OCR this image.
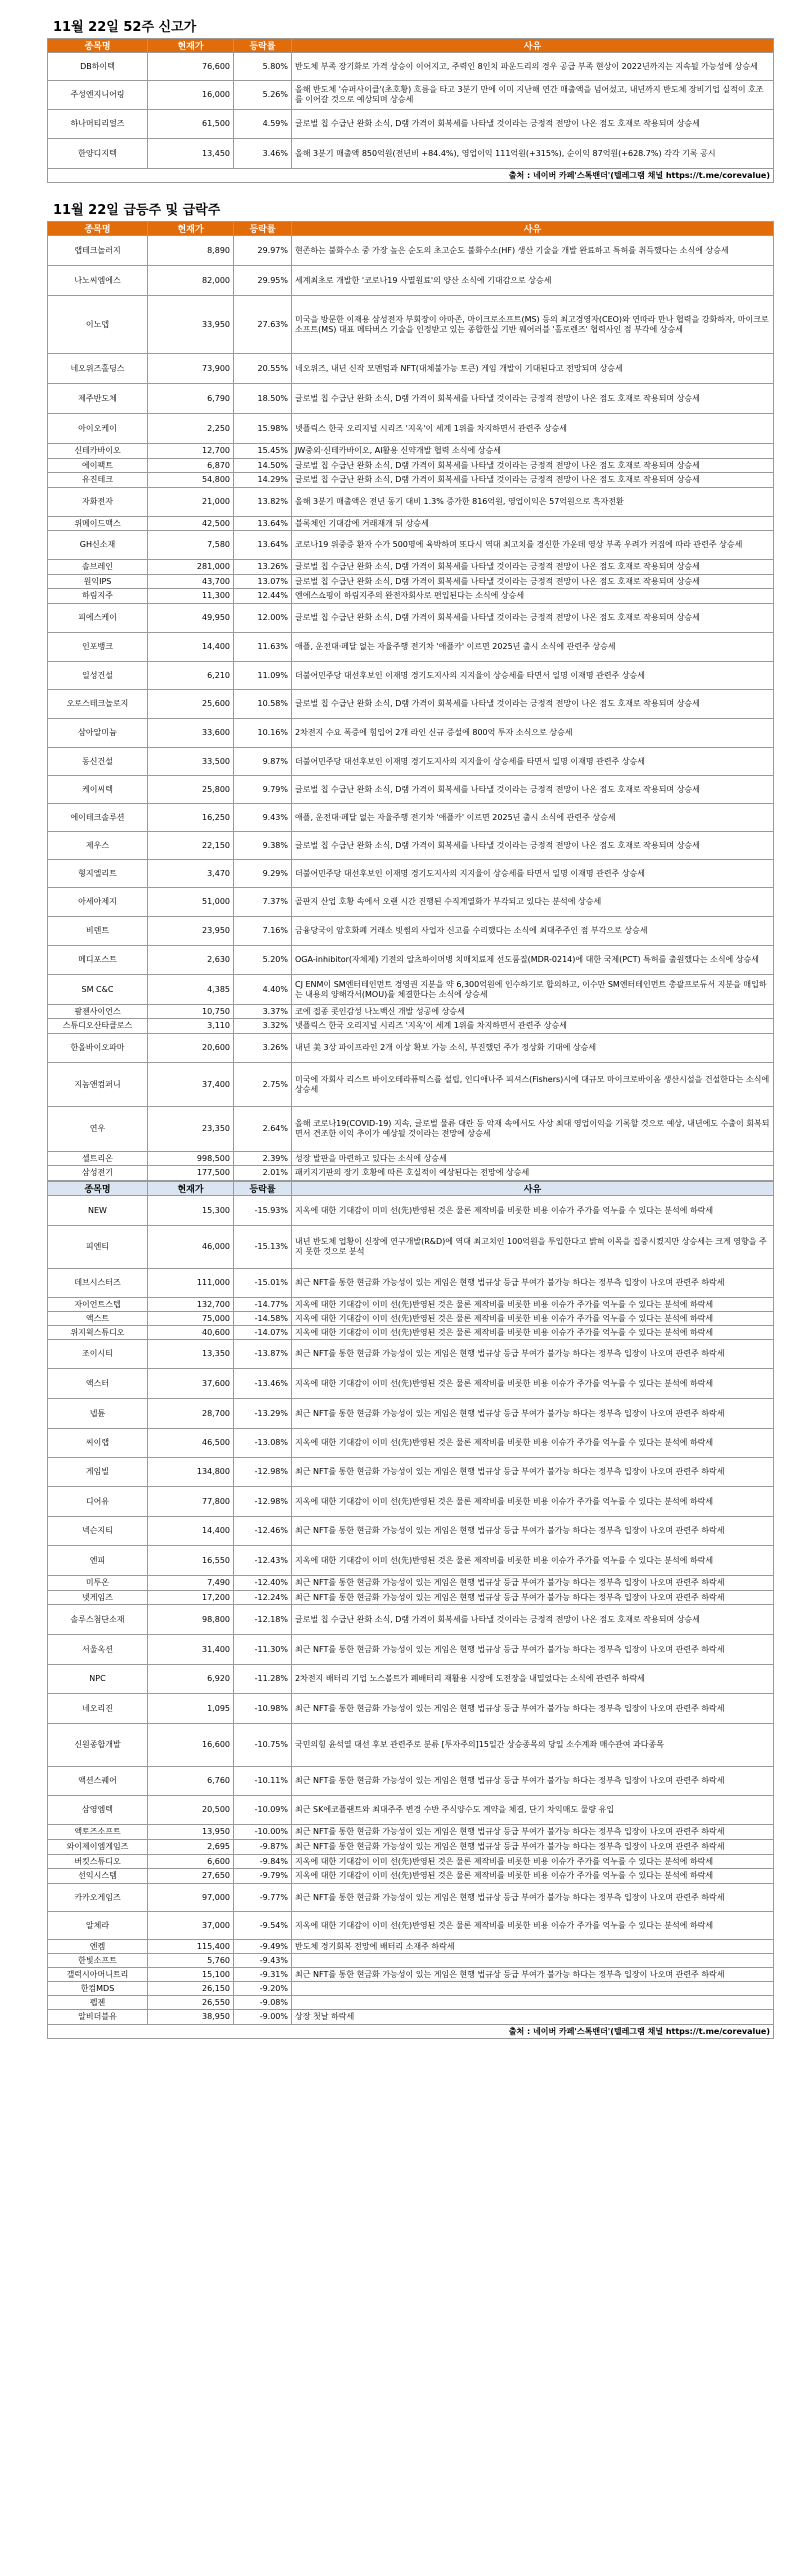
11월 22일 52주 신고가
종목명	현재가	등락률	사유
DB하이텍	76,600	5.80%	반도체 부족 장기화로 가격 상승이 이어지고, 주력인 8인치 파운드리의 경우 공급 부족 현상이 2022년까지는 지속될 가능성에 상승세
주성엔지니어링	16,000	5.26%	올해 반도체 '슈퍼사이클'(초호황) 흐름을 타고 3분기 만에 이미 지난해 연간 매출액을 넘어섰고, 내년까지 반도체 장비기업 실적이 호조를 이어갈 것으로 예상되며 상승세
하나머티리얼즈	61,500	4.59%	글로벌 칩 수급난 완화 소식, D램 가격이 회복세를 나타낼 것이라는 긍정적 전망이 나온 점도 호재로 작용되며 상승세
한양디지텍	13,450	3.46%	올해 3분기 매출액 850억원(전년비 +84.4%), 영업이익 111억원(+315%), 순이익 87억원(+628.7%) 각각 기록 공시
출처 : 네이버 카페'스톡밴더'(텔레그램 채널 https://t.me/corevalue)			
11월 22일 급등주 및 급락주
종목명	현재가	등락률	사유
랩테크놀러지	8,890	29.97%	현존하는 불화수소 중 가장 높은 순도의 초고순도 불화수소(HF) 생산 기술을 개발 완료하고 특허를 취득했다는 소식에 상승세
나노씨엠에스	82,000	29.95%	세계최초로 개발한 '코로나19 사멸원료'의 양산 소식에 기대감으로 상승세
이노뎁	33,950	27.63%	미국을 방문한 이재용 삼성전자 부회장이 아마존, 마이크로소프트(MS) 등의 최고경영자(CEO)와 연따라 만나 협력을 강화하자, 마이크로소프트(MS) 대표 메타버스 기술을 인정받고 있는 종합한실 기반 웨어러블 '홀로렌즈' 협력사인 점 부각에 상승세
네오위즈홀딩스	73,900	20.55%	네오위즈, 내년 신작 모멘텀과 NFT(대체불가능 토큰) 게임 개발이 기대된다고 전망되며 상승세
제주반도체	6,790	18.50%	글로벌 칩 수급난 완화 소식, D램 가격이 회복세를 나타낼 것이라는 긍정적 전망이 나온 점도 호재로 작용되며 상승세
아이오케이	2,250	15.98%	넷플릭스 한국 오리지널 시리즈 '지옥'이 세계 1위를 차지하면서 관련주 상승세
신테카바이오	12,700	15.45%	JW중외·신테카바이오, AI활용 신약개발 협력 소식에 상승세
에이팩트	6,870	14.50%	글로벌 칩 수급난 완화 소식, D램 가격이 회복세를 나타낼 것이라는 긍정적 전망이 나온 점도 호재로 작용되며 상승세
유진테크	54,800	14.29%	글로벌 칩 수급난 완화 소식, D램 가격이 회복세를 나타낼 것이라는 긍정적 전망이 나온 점도 호재로 작용되며 상승세
자화전자	21,000	13.82%	올해 3분기 매출액은 전년 동기 대비 1.3% 증가한 816억원, 영업이익은 57억원으로 흑자전환
위메이드맥스	42,500	13.64%	블록체인 기대감에 거래재개 뒤 상승세
GH신소재	7,580	13.64%	코로나19 위중증 환자 수가 500명에 육박하며 또다시 역대 최고치를 경신한 가운데 영상 부족 우려가 커짐에 따라 관련주 상승세
솔브레인	281,000	13.26%	글로벌 칩 수급난 완화 소식, D램 가격이 회복세를 나타낼 것이라는 긍정적 전망이 나온 점도 호재로 작용되며 상승세
원익IPS	43,700	13.07%	글로벌 칩 수급난 완화 소식, D램 가격이 회복세를 나타낼 것이라는 긍정적 전망이 나온 점도 호재로 작용되며 상승세
하림지주	11,300	12.44%	엔에스쇼핑이 하림지주의 완전자회사로 편입된다는 소식에 상승세
피에스케이	49,950	12.00%	글로벌 칩 수급난 완화 소식, D램 가격이 회복세를 나타낼 것이라는 긍정적 전망이 나온 점도 호재로 작용되며 상승세
인포뱅크	14,400	11.63%	애플, 운전대·페달 없는 자율주행 전기차 '애플카' 이르면 2025년 출시 소식에 관련주 상승세
일성건설	6,210	11.09%	더불어민주당 대선후보인 이재명 경기도지사의 지지율이 상승세를 타면서 일명 이재명 관련주 상승세
오로스테크놀로지	25,600	10.58%	글로벌 칩 수급난 완화 소식, D램 가격이 회복세를 나타낼 것이라는 긍정적 전망이 나온 점도 호재로 작용되며 상승세
삼아알미늄	33,600	10.16%	2차전지 수요 폭증에 힘입어 2개 라인 신규 증설에 800억 투자 소식으로 상승세
동신건설	33,500	9.87%	더불어민주당 대선후보인 이재명 경기도지사의 지지율이 상승세를 타면서 일명 이재명 관련주 상승세
케이씨텍	25,800	9.79%	글로벌 칩 수급난 완화 소식, D램 가격이 회복세를 나타낼 것이라는 긍정적 전망이 나온 점도 호재로 작용되며 상승세
에이테크솔루션	16,250	9.43%	애플, 운전대·페달 없는 자율주행 전기차 '애플카' 이르면 2025년 출시 소식에 관련주 상승세
제우스	22,150	9.38%	글로벌 칩 수급난 완화 소식, D램 가격이 회복세를 나타낼 것이라는 긍정적 전망이 나온 점도 호재로 작용되며 상승세
형지엘리트	3,470	9.29%	더불어민주당 대선후보인 이재명 경기도지사의 지지율이 상승세를 타면서 일명 이재명 관련주 상승세
아세아제지	51,000	7.37%	골판지 산업 호황 속에서 오랜 시간 진행된 수직계열화가 부각되고 있다는 분석에 상승세
비덴트	23,950	7.16%	금융당국이 암호화폐 거래소 빗썸의 사업자 신고를 수리했다는 소식에 최대주주인 점 부각으로 상승세
메디포스트	2,630	5.20%	OGA-inhibitor(자체제) 기전의 알츠하이머병 치매치료제 선도품질(MDR-0214)에 대한 국제(PCT) 특허를 출원했다는 소식에 상승세
SM C&C	4,385	4.40%	CJ ENM이 SM엔터테인먼트 경영권 지분을 약 6,300억원에 인수하기로 합의하고, 이수만 SM엔터테인먼트 총괄프로듀서 지분을 매입하는 내용의 양해각서(MOU)를 체결한다는 소식에 상승세
팜젠사이언스	10,750	3.37%	코에 접종 콧인감성 나노백신 개발 성공에 상승세
스튜디오산타클로스	3,110	3.32%	넷플릭스 한국 오리지널 시리즈 '지옥'이 세계 1위를 차지하면서 관련주 상승세
한올바이오파마	20,600	3.26%	내년 美 3상 파이프라인 2개 이상 확보 가능 소식, 부진했던 주가 정상화 기대에 상승세
지놈앤컴퍼니	37,400	2.75%	미국에 자회사 리스트 바이오테라퓨틱스를 설립, 인디애나주 피셔스(Fishers)시에 대규모 마이크로바이옴 생산시설을 건설한다는 소식에 상승세
연우	23,350	2.64%	올해 코로나19(COVID-19) 지속, 글로벌 물류 대란 등 악재 속에서도 사상 최대 영업이익을 기록할 것으로 예상, 내년에도 수출이 회복되면서 견조한 이익 추이가 예상될 것이라는 전망에 상승세
셀트리온	998,500	2.39%	성장 발판을 마련하고 있다는 소식에 상승세
삼성전기	177,500	2.01%	패키지기판의 장기 호황에 따른 호실적이 예상된다는 전망에 상승세
종목명	현재가	등락률	사유
NEW	15,300	-15.93%	지옥에 대한 기대감이 미미 선(先)반영된 것은 물론 제작비를 비롯한 비용 이슈가 주가를 억누를 수 있다는 분석에 하락세
피엔티	46,000	-15.13%	내년 반도체 업황이 신장에 연구개발(R&D)에 역대 최고치인 100억원을 투입한다고 밝혀 이목을 집중시켰지만 상승세는 크게 영향을 주지 못한 것으로 분석
데브시스터즈	111,000	-15.01%	최근 NFT를 통한 현금화 가능성이 있는 게임은 현행 법규상 등급 부여가 불가능 하다는 정부측 입장이 나오며 관련주 하락세
자이언트스텝	132,700	-14.77%	지옥에 대한 기대감이 이미 선(先)반영된 것은 물론 제작비를 비롯한 비용 이슈가 주가를 억누를 수 있다는 분석에 하락세
액스트	75,000	-14.58%	지옥에 대한 기대감이 이미 선(先)반영된 것은 물론 제작비를 비롯한 비용 이슈가 주가를 억누를 수 있다는 분석에 하락세
위지윅스튜디오	40,600	-14.07%	지옥에 대한 기대감이 이미 선(先)반영된 것은 물론 제작비를 비롯한 비용 이슈가 주가를 억누를 수 있다는 분석에 하락세
조이시티	13,350	-13.87%	최근 NFT를 통한 현금화 가능성이 있는 게임은 현행 법규상 등급 부여가 불가능 하다는 정부측 입장이 나오며 관련주 하락세
액스터	37,600	-13.46%	지옥에 대한 기대감이 이미 선(先)반영된 것은 물론 제작비를 비롯한 비용 이슈가 주가를 억누를 수 있다는 분석에 하락세
넵튠	28,700	-13.29%	최근 NFT를 통한 현금화 가능성이 있는 게임은 현행 법규상 등급 부여가 불가능 하다는 정부측 입장이 나오며 관련주 하락세
씨이랩	46,500	-13.08%	지옥에 대한 기대감이 이미 선(先)반영된 것은 물론 제작비를 비롯한 비용 이슈가 주가를 억누를 수 있다는 분석에 하락세
게임빌	134,800	-12.98%	최근 NFT를 통한 현금화 가능성이 있는 게임은 현행 법규상 등급 부여가 불가능 하다는 정부측 입장이 나오며 관련주 하락세
디어유	77,800	-12.98%	지옥에 대한 기대감이 이미 선(先)반영된 것은 물론 제작비를 비롯한 비용 이슈가 주가를 억누를 수 있다는 분석에 하락세
넥슨지티	14,400	-12.46%	최근 NFT를 통한 현금화 가능성이 있는 게임은 현행 법규상 등급 부여가 불가능 하다는 정부측 입장이 나오며 관련주 하락세
엔피	16,550	-12.43%	지옥에 대한 기대감이 이미 선(先)반영된 것은 물론 제작비를 비롯한 비용 이슈가 주가를 억누를 수 있다는 분석에 하락세
미투온	7,490	-12.40%	최근 NFT를 통한 현금화 가능성이 있는 게임은 현행 법규상 등급 부여가 불가능 하다는 정부측 입장이 나오며 관련주 하락세
넷게임즈	17,200	-12.24%	최근 NFT를 통한 현금화 가능성이 있는 게임은 현행 법규상 등급 부여가 불가능 하다는 정부측 입장이 나오며 관련주 하락세
솔루스첨단소재	98,800	-12.18%	글로벌 칩 수급난 완화 소식, D램 가격이 회복세를 나타낼 것이라는 긍정적 전망이 나온 점도 호재로 작용되며 상승세
서울옥션	31,400	-11.30%	최근 NFT를 통한 현금화 가능성이 있는 게임은 현행 법규상 등급 부여가 불가능 하다는 정부측 입장이 나오며 관련주 하락세
NPC	6,920	-11.28%	2차전지 배터리 기업 노스볼트가 폐배터리 재활용 시장에 도전장을 내밀었다는 소식에 관련주 하락세
네오리진	1,095	-10.98%	최근 NFT를 통한 현금화 가능성이 있는 게임은 현행 법규상 등급 부여가 불가능 하다는 정부측 입장이 나오며 관련주 하락세
신원종합개발	16,600	-10.75%	국민의힘 윤석열 대선 후보 관련주로 분류 [투자주의]15일간 상승종목의 당일 소수계좌 매수관여 과다종목
액션스퀘어	6,760	-10.11%	최근 NFT를 통한 현금화 가능성이 있는 게임은 현행 법규상 등급 부여가 불가능 하다는 정부측 입장이 나오며 관련주 하락세
삼영엠텍	20,500	-10.09%	최근 SK에코플랜트와 최대주주 변경 수반 주식양수도 계약을 체결, 단기 차익매도 물량 유입
액토즈소프트	13,950	-10.00%	최근 NFT를 통한 현금화 가능성이 있는 게임은 현행 법규상 등급 부여가 불가능 하다는 정부측 입장이 나오며 관련주 하락세
와이제이엠게임즈	2,695	-9.87%	최근 NFT를 통한 현금화 가능성이 있는 게임은 현행 법규상 등급 부여가 불가능 하다는 정부측 입장이 나오며 관련주 하락세
버킷스튜디오	6,600	-9.84%	지옥에 대한 기대감이 이미 선(先)반영된 것은 물론 제작비를 비롯한 비용 이슈가 주가를 억누를 수 있다는 분석에 하락세
선익시스템	27,650	-9.79%	지옥에 대한 기대감이 이미 선(先)반영된 것은 물론 제작비를 비롯한 비용 이슈가 주가를 억누를 수 있다는 분석에 하락세
카카오게임즈	97,000	-9.77%	최근 NFT를 통한 현금화 가능성이 있는 게임은 현행 법규상 등급 부여가 불가능 하다는 정부측 입장이 나오며 관련주 하락세
알체라	37,000	-9.54%	지옥에 대한 기대감이 이미 선(先)반영된 것은 물론 제작비를 비롯한 비용 이슈가 주가를 억누를 수 있다는 분석에 하락세
엔켐	115,400	-9.49%	반도체 경기회복 전망에 배터리 소재주 하락세
한빛소프트	5,760	-9.43%	
갤럭시아머니트리	15,100	-9.31%	최근 NFT를 통한 현금화 가능성이 있는 게임은 현행 법규상 등급 부여가 불가능 하다는 정부측 입장이 나오며 관련주 하락세
한컴MDS	26,150	-9.20%	
펩젠	26,550	-9.08%	
알비더블유	38,950	-9.00%	상장 첫날 하락세
출처 : 네이버 카페'스톡밴더'(텔레그램 채널 https://t.me/corevalue)			
